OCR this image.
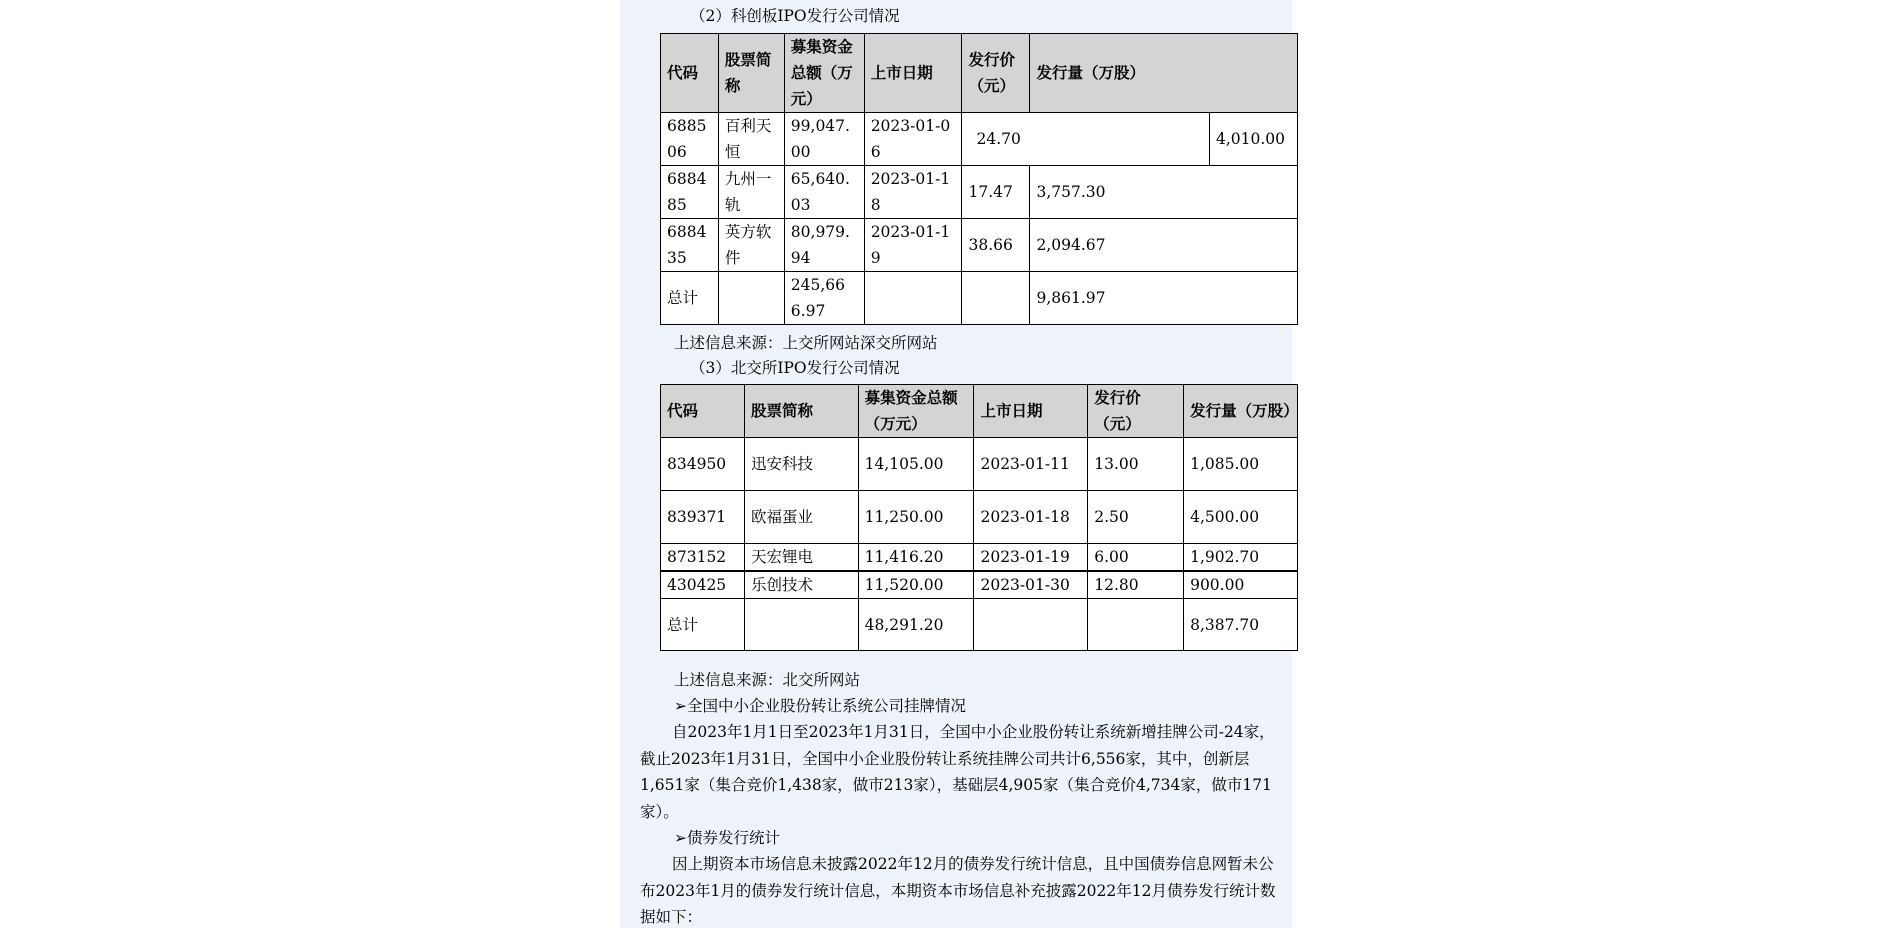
（2）科创板IPO发行公司情况
代码	股票简称	募集资金总额（万元）	上市日期	发行价（元）	发行量（万股）	
688506	百利天恒	99,047.00	2023-01-06	24.70		4,010.00
688485	九州一轨	65,640.03	2023-01-18	17.47	3,757.30	
688435	英方软件	80,979.94	2023-01-19	38.66	2,094.67	
总计		245,666.97			9,861.97	
上述信息来源：上交所网站深交所网站
（3）北交所IPO发行公司情况
代码	股票简称	募集资金总额（万元）	上市日期	发行价（元）	发行量（万股）
834950	迅安科技	14,105.00	2023-01-11	13.00	1,085.00
839371	欧福蛋业	11,250.00	2023-01-18	2.50	4,500.00
873152	天宏锂电	11,416.20	2023-01-19	6.00	1,902.70
430425	乐创技术	11,520.00	2023-01-30	12.80	900.00
总计		48,291.20			8,387.70
上述信息来源：北交所网站
➢全国中小企业股份转让系统公司挂牌情况
自2023年1月1日至2023年1月31日，全国中小企业股份转让系统新增挂牌公司-24家，截止2023年1月31日，全国中小企业股份转让系统挂牌公司共计6,556家，其中，创新层1,651家（集合竞价1,438家，做市213家），基础层4,905家（集合竞价4,734家，做市171家）。
➢债券发行统计
因上期资本市场信息未披露2022年12月的债券发行统计信息，且中国债券信息网暂未公布2023年1月的债券发行统计信息，本期资本市场信息补充披露2022年12月债券发行统计数据如下：
